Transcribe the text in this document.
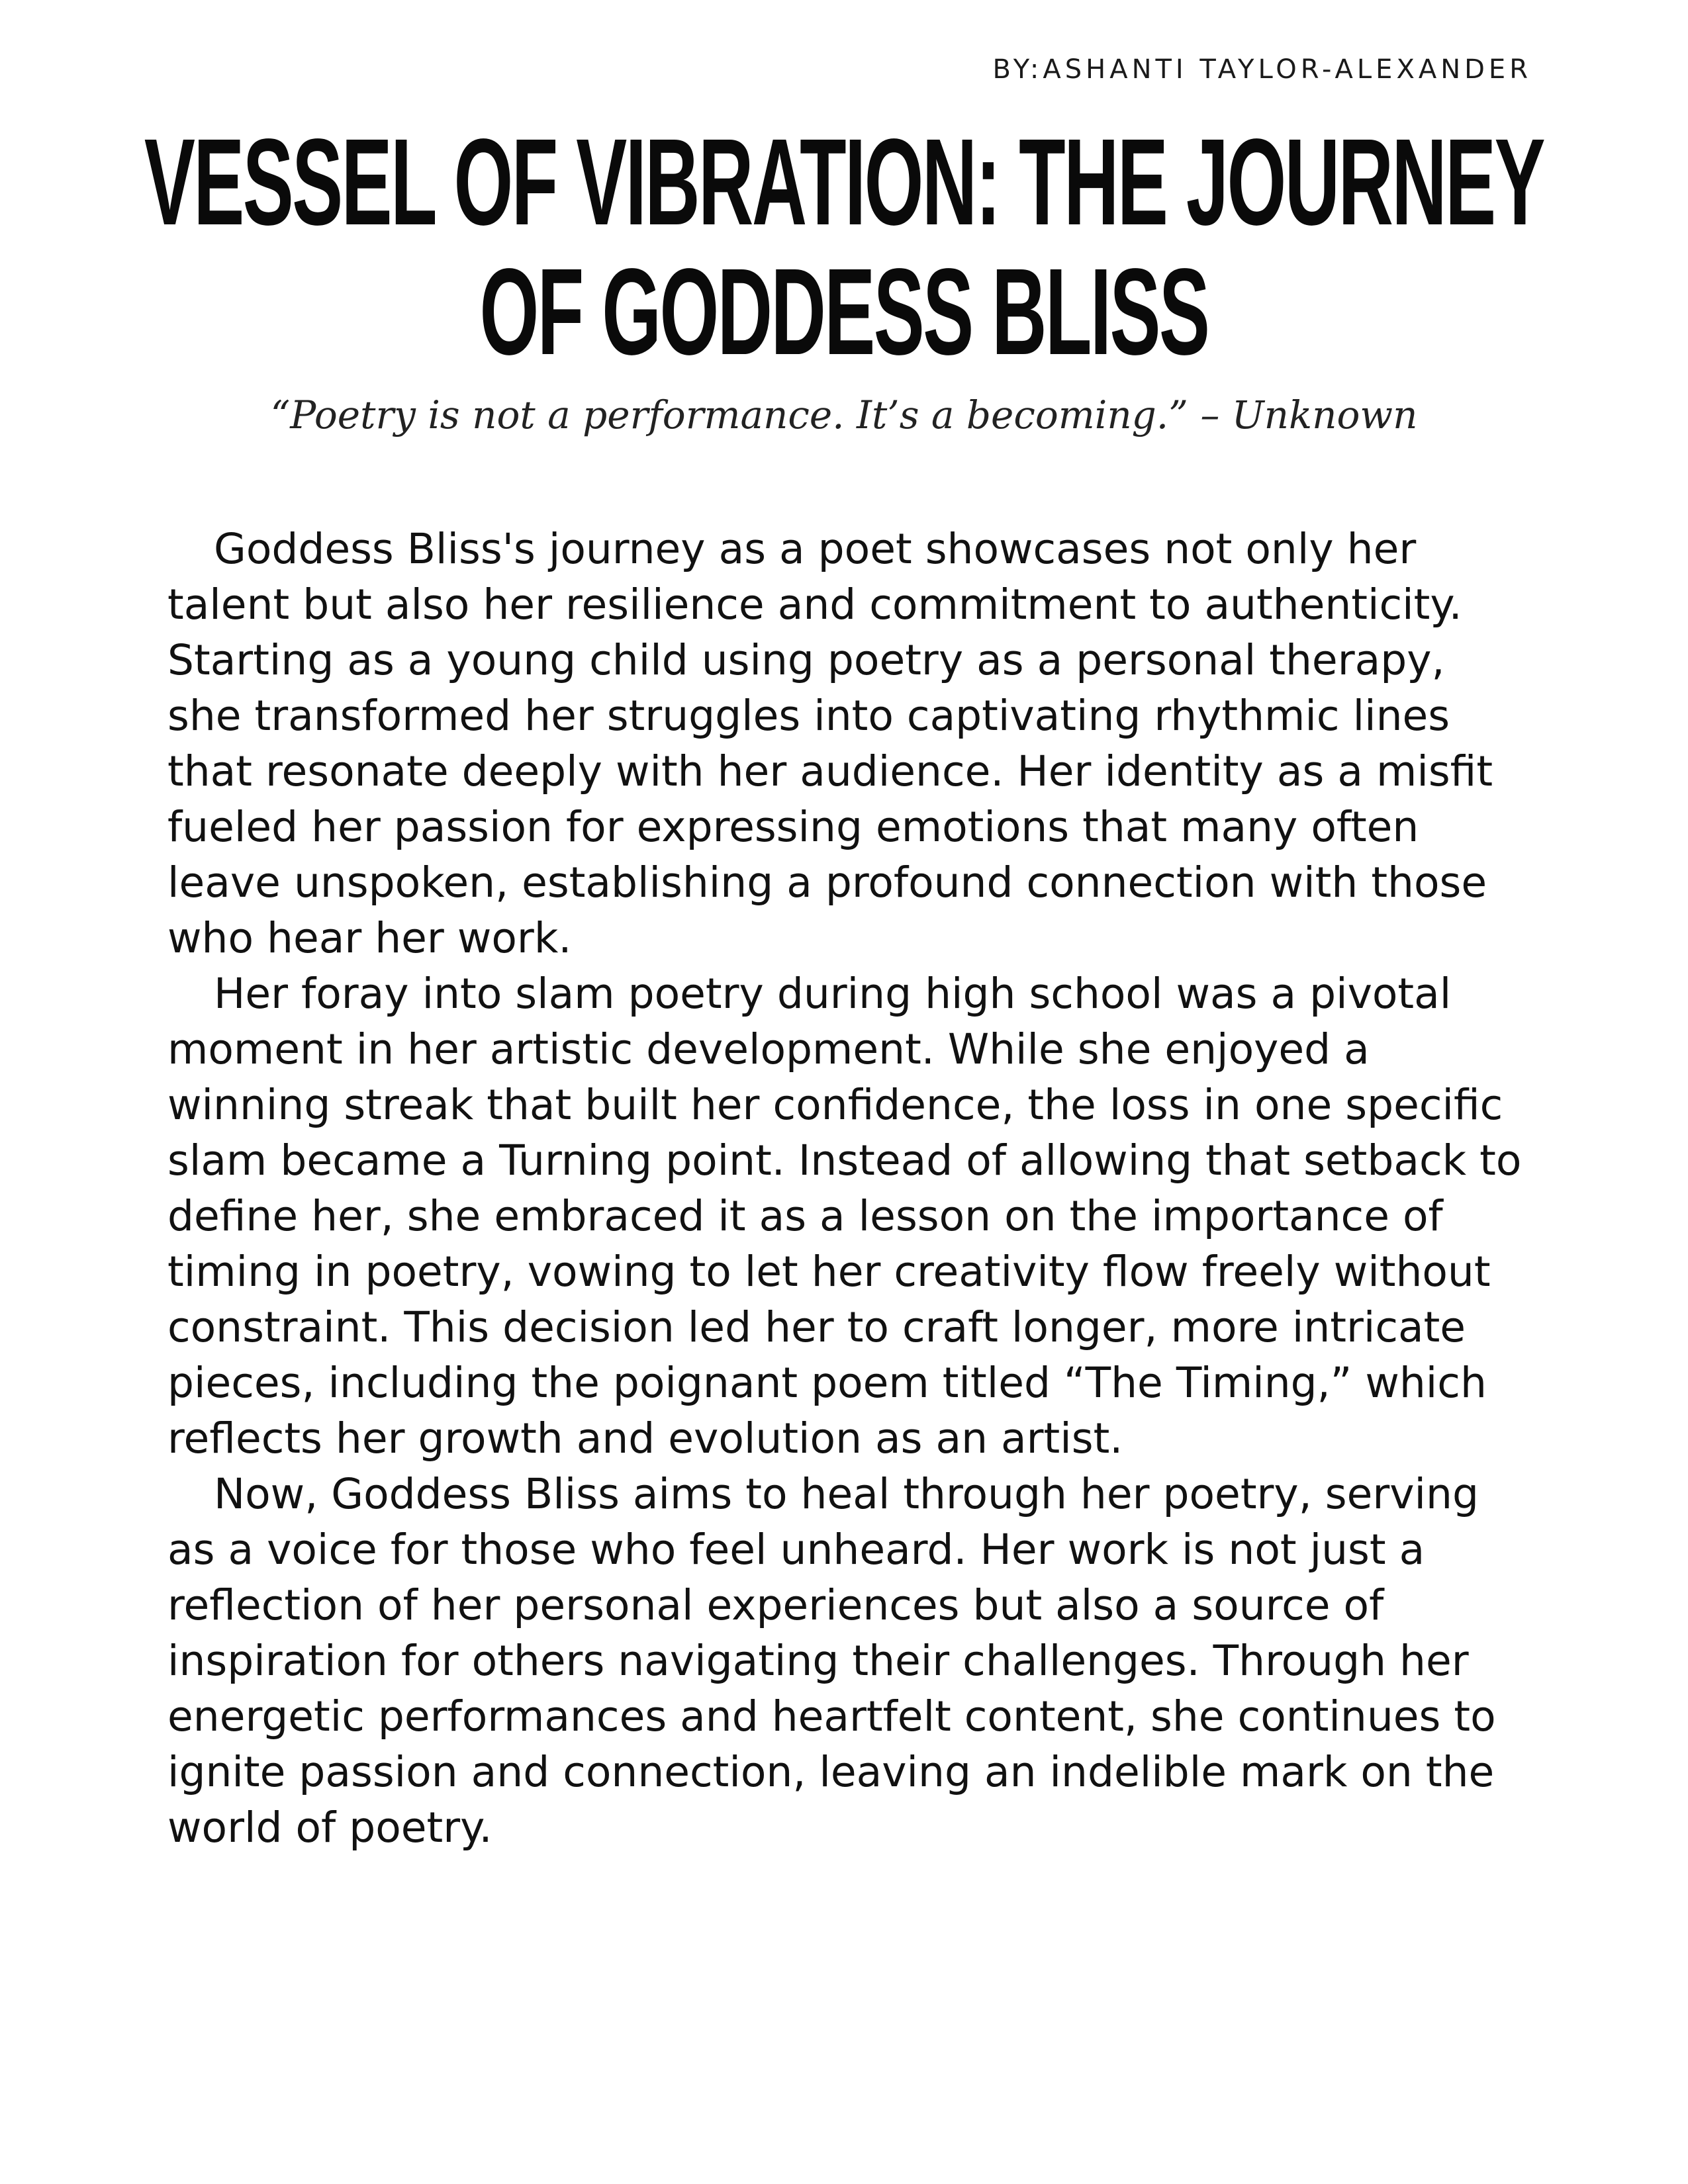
BY:ASHANTI TAYLOR-ALEXANDER
VESSEL OF VIBRATION: THE JOURNEY OF GODDESS BLISS
“Poetry is not a performance. It’s a becoming.” – Unknown

Goddess Bliss's journey as a poet showcases not only her talent but also her resilience and commitment to authenticity. Starting as a young child using poetry as a personal therapy, she transformed her struggles into captivating rhythmic lines that resonate deeply with her audience. Her identity as a misfit fueled her passion for expressing emotions that many often leave unspoken, establishing a profound connection with those who hear her work.

Her foray into slam poetry during high school was a pivotal moment in her artistic development. While she enjoyed a winning streak that built her confidence, the loss in one specific slam became a Turning point. Instead of allowing that setback to define her, she embraced it as a lesson on the importance of timing in poetry, vowing to let her creativity flow freely without constraint. This decision led her to craft longer, more intricate pieces, including the poignant poem titled “The Timing,” which reflects her growth and evolution as an artist.

Now, Goddess Bliss aims to heal through her poetry, serving as a voice for those who feel unheard. Her work is not just a reflection of her personal experiences but also a source of inspiration for others navigating their challenges. Through her energetic performances and heartfelt content, she continues to ignite passion and connection, leaving an indelible mark on the world of poetry.
